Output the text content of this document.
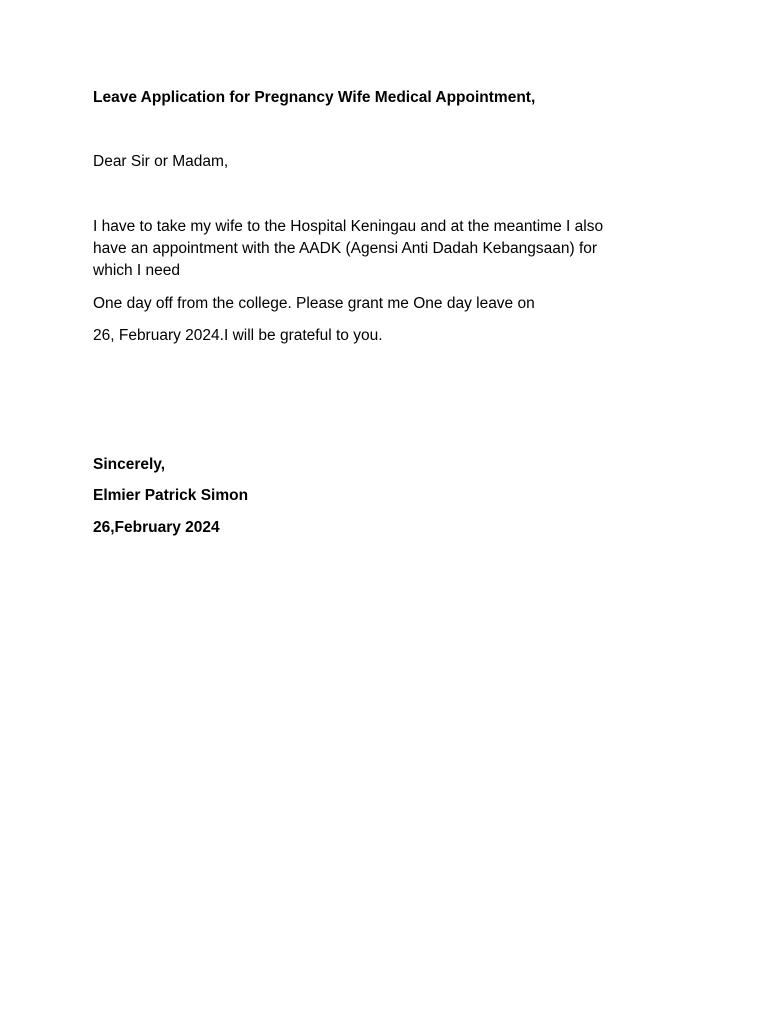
Leave Application for Pregnancy Wife Medical Appointment,

Dear Sir or Madam,

I have to take my wife to the Hospital Keningau and at the meantime I also

have an appointment with the AADK (Agensi Anti Dadah Kebangsaan) for

which I need

One day off from the college. Please grant me One day leave on

26, February 2024.I will be grateful to you.

Sincerely,

Elmier Patrick Simon

26,February 2024
